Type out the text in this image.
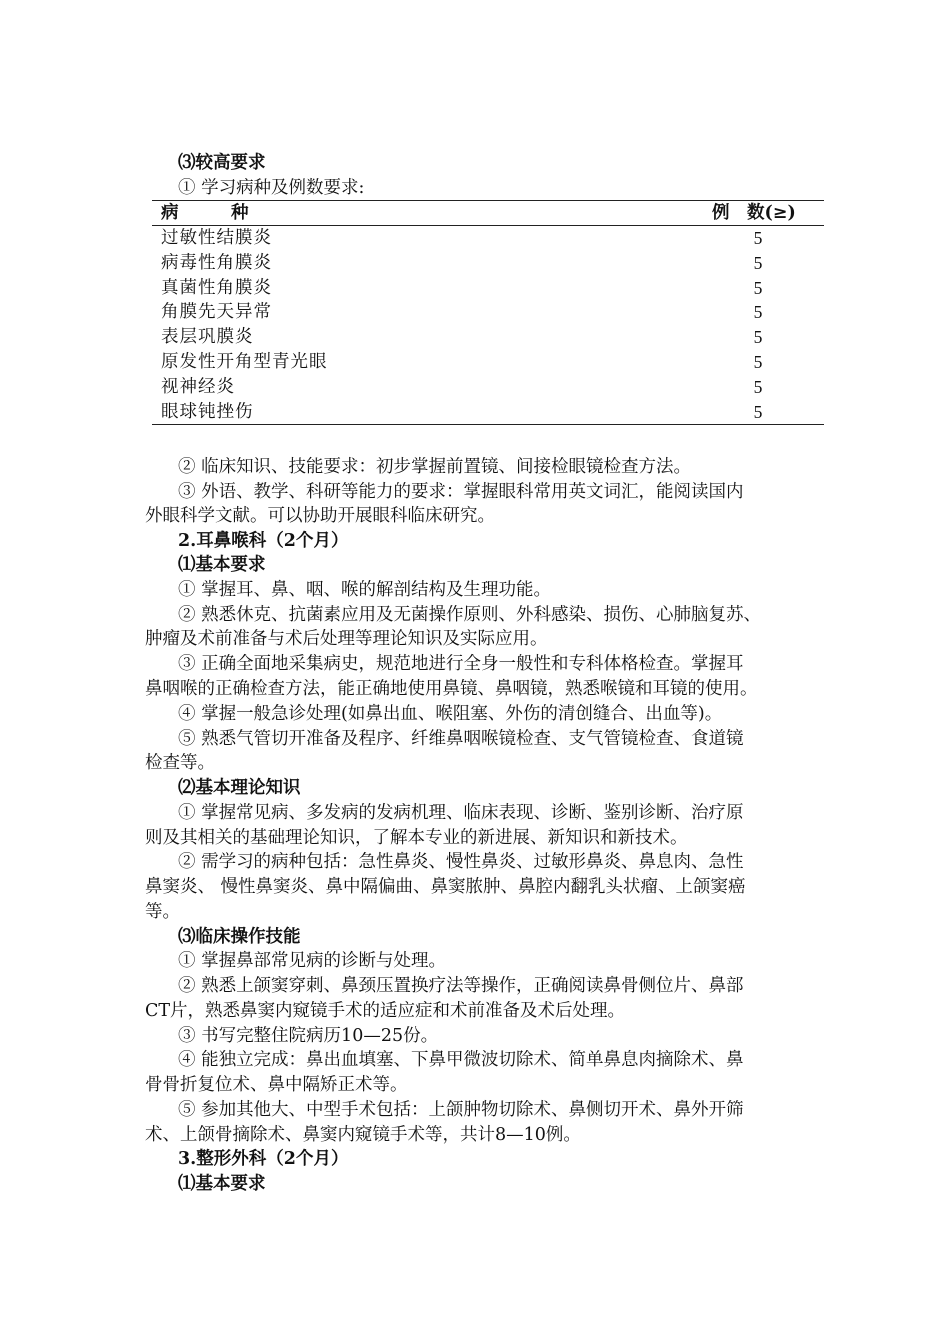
⑶较高要求
① 学习病种及例数要求:
病　　　种	例　数(≥)
过敏性结膜炎	5
病毒性角膜炎	5
真菌性角膜炎	5
角膜先天异常	5
表层巩膜炎	5
原发性开角型青光眼	5
视神经炎	5
眼球钝挫伤	5
② 临床知识、技能要求：初步掌握前置镜、间接检眼镜检查方法。
③ 外语、教学、科研等能力的要求：掌握眼科常用英文词汇，能阅读国内
外眼科学文献。可以协助开展眼科临床研究。
2.耳鼻喉科（2个月）
⑴基本要求
① 掌握耳、鼻、咽、喉的解剖结构及生理功能。
② 熟悉休克、抗菌素应用及无菌操作原则、外科感染、损伤、心肺脑复苏、
肿瘤及术前准备与术后处理等理论知识及实际应用。
③ 正确全面地采集病史，规范地进行全身一般性和专科体格检查。掌握耳
鼻咽喉的正确检查方法，能正确地使用鼻镜、鼻咽镜，熟悉喉镜和耳镜的使用。
④ 掌握一般急诊处理(如鼻出血、喉阻塞、外伤的清创缝合、出血等)。
⑤ 熟悉气管切开准备及程序、纤维鼻咽喉镜检查、支气管镜检查、食道镜
检查等。
⑵基本理论知识
① 掌握常见病、多发病的发病机理、临床表现、诊断、鉴别诊断、治疗原
则及其相关的基础理论知识，了解本专业的新进展、新知识和新技术。
② 需学习的病种包括：急性鼻炎、慢性鼻炎、过敏形鼻炎、鼻息肉、急性
鼻窦炎、 慢性鼻窦炎、鼻中隔偏曲、鼻窦脓肿、鼻腔内翻乳头状瘤、上颌窦癌
等。
⑶临床操作技能
① 掌握鼻部常见病的诊断与处理。
② 熟悉上颌窦穿刺、鼻颈压置换疗法等操作，正确阅读鼻骨侧位片、鼻部
CT片，熟悉鼻窦内窥镜手术的适应症和术前准备及术后处理。
③ 书写完整住院病历10—25份。
④ 能独立完成：鼻出血填塞、下鼻甲微波切除术、简单鼻息肉摘除术、鼻
骨骨折复位术、鼻中隔矫正术等。
⑤ 参加其他大、中型手术包括：上颌肿物切除术、鼻侧切开术、鼻外开筛
术、上颌骨摘除术、鼻窦内窥镜手术等，共计8—10例。
3.整形外科（2个月）
⑴基本要求
